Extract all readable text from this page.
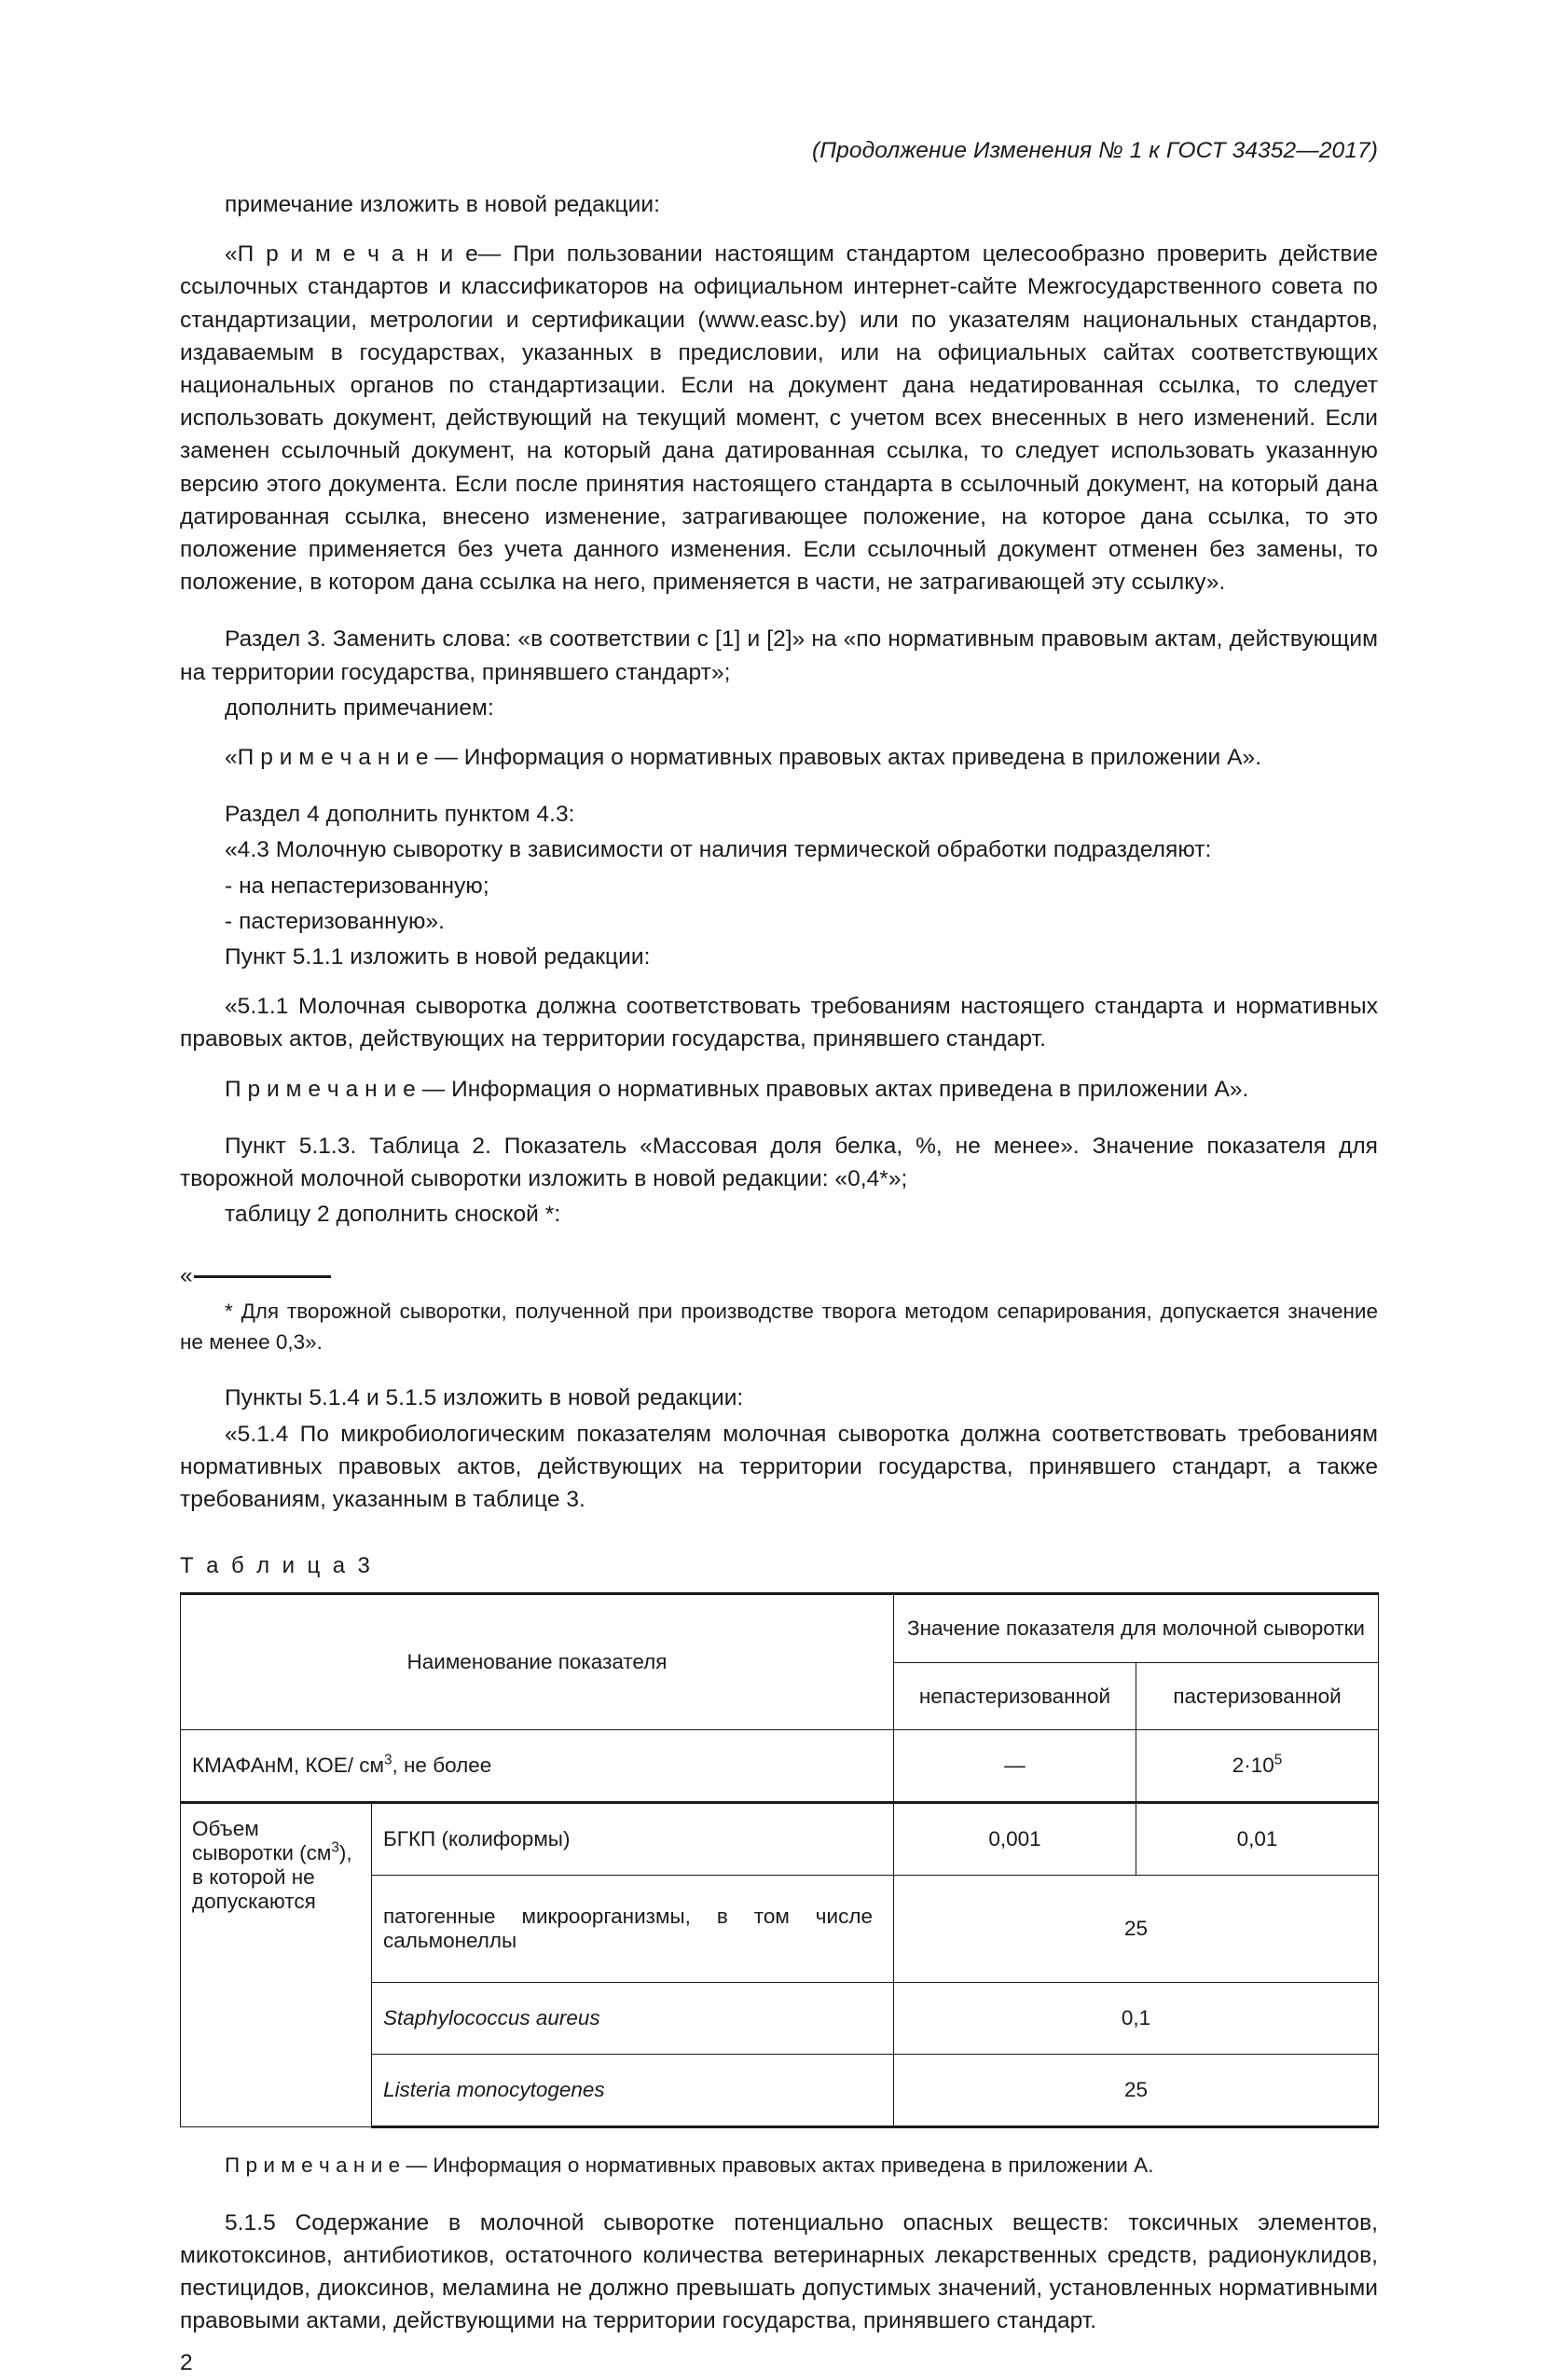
(Продолжение Изменения № 1 к ГОСТ 34352—2017)

примечание изложить в новой редакции:

«П р и м е ч а н и е— При пользовании настоящим стандартом целесообразно проверить действие ссылочных стандартов и классификаторов на официальном интернет-сайте Межгосударственного совета по стандартизации, метрологии и сертификации (www.easc.by) или по указателям национальных стандартов, издаваемым в государствах, указанных в предисловии, или на официальных сайтах соответствующих национальных органов по стандартизации. Если на документ дана недатированная ссылка, то следует использовать документ, действующий на текущий момент, с учетом всех внесенных в него изменений. Если заменен ссылочный документ, на который дана датированная ссылка, то следует использовать указанную версию этого документа. Если после принятия настоящего стандарта в ссылочный документ, на который дана датированная ссылка, внесено изменение, затрагивающее положение, на которое дана ссылка, то это положение применяется без учета данного изменения. Если ссылочный документ отменен без замены, то положение, в котором дана ссылка на него, применяется в части, не затрагивающей эту ссылку».

Раздел 3. Заменить слова: «в соответствии с [1] и [2]» на «по нормативным правовым актам, действующим на территории государства, принявшего стандарт»;

дополнить примечанием:

«П р и м е ч а н и е — Информация о нормативных правовых актах приведена в приложении А».

Раздел 4 дополнить пунктом 4.3:

«4.3 Молочную сыворотку в зависимости от наличия термической обработки подразделяют:

- на непастеризованную;

- пастеризованную».

Пункт 5.1.1 изложить в новой редакции:

«5.1.1 Молочная сыворотка должна соответствовать требованиям настоящего стандарта и нормативных правовых актов, действующих на территории государства, принявшего стандарт.

П р и м е ч а н и е — Информация о нормативных правовых актах приведена в приложении А».

Пункт 5.1.3. Таблица 2. Показатель «Массовая доля белка, %, не менее». Значение показателя для творожной молочной сыворотки изложить в новой редакции: «0,4*»;

таблицу 2 дополнить сноской *:

«
* Для творожной сыворотки, полученной при производстве творога методом сепарирования, допускается значение не менее 0,3».

Пункты 5.1.4 и 5.1.5 изложить в новой редакции:

«5.1.4 По микробиологическим показателям молочная сыворотка должна соответствовать требованиям нормативных правовых актов, действующих на территории государства, принявшего стандарт, а также требованиям, указанным в таблице 3.

Т а б л и ц а 3
Наименование показателя		Значение показателя для молочной сыворотки	
		непастеризованной	пастеризованной
КМАФАнМ, КОЕ/ $см^3$, не более		—	$2\cdot 10^5$
Объем сыворотки $(см^3)$, в которой не допускаются	БГКП (колиформы)	0,001	0,01
	патогенные микроорганизмы, в том числе сальмонеллы	25	
	Staphylococcus aureus	0,1	
	Listeria monocytogenes	25	

П р и м е ч а н и е — Информация о нормативных правовых актах приведена в приложении А.

5.1.5 Содержание в молочной сыворотке потенциально опасных веществ: токсичных элементов, микотоксинов, антибиотиков, остаточного количества ветеринарных лекарственных средств, радионуклидов, пестицидов, диоксинов, меламина не должно превышать допустимых значений, установленных нормативными правовыми актами, действующими на территории государства, принявшего стандарт.

2
